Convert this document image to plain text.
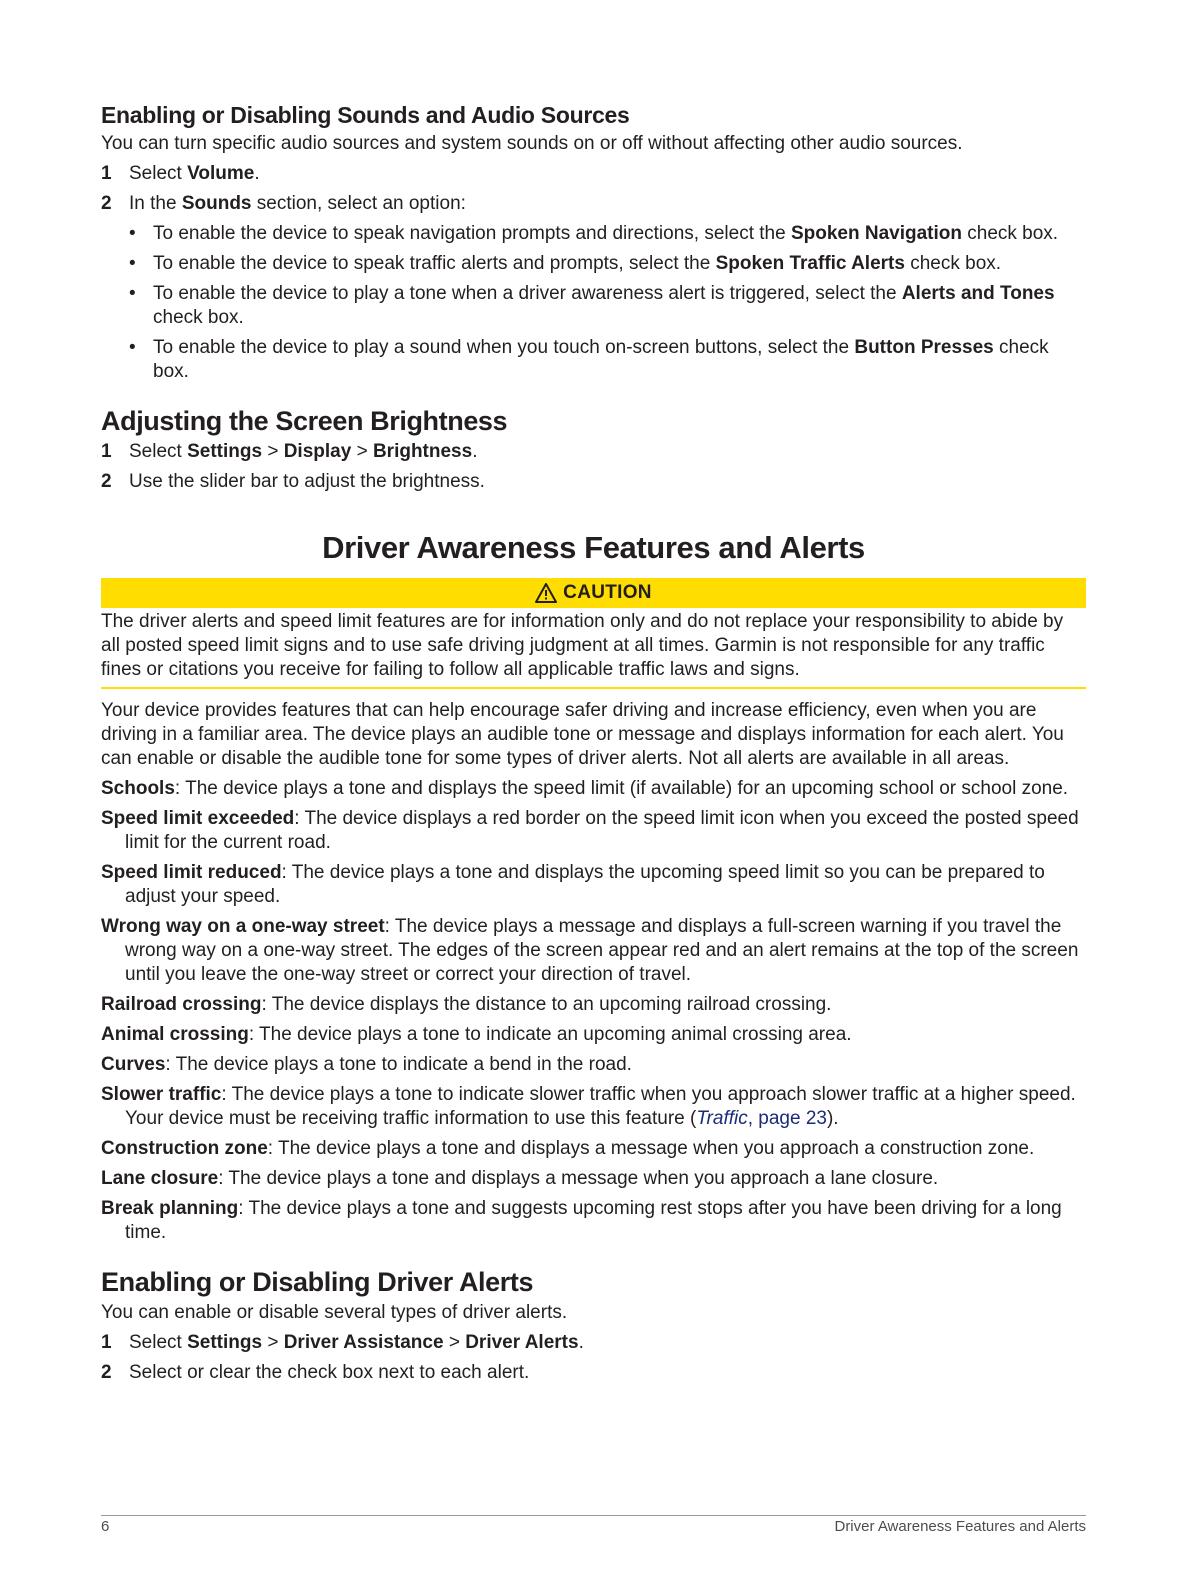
Enabling or Disabling Sounds and Audio Sources

You can turn specific audio sources and system sounds on or off without affecting other audio sources.

1 Select Volume.
2 In the Sounds section, select an option:
• To enable the device to speak navigation prompts and directions, select the Spoken Navigation check box.
• To enable the device to speak traffic alerts and prompts, select the Spoken Traffic Alerts check box.
• To enable the device to play a tone when a driver awareness alert is triggered, select the Alerts and Tones check box.
• To enable the device to play a sound when you touch on-screen buttons, select the Button Presses check box.
Adjusting the Screen Brightness
1 Select Settings > Display > Brightness.
2 Use the slider bar to adjust the brightness.
Driver Awareness Features and Alerts
CAUTION
The driver alerts and speed limit features are for information only and do not replace your responsibility to abide by all posted speed limit signs and to use safe driving judgment at all times. Garmin is not responsible for any traffic fines or citations you receive for failing to follow all applicable traffic laws and signs.

Your device provides features that can help encourage safer driving and increase efficiency, even when you are driving in a familiar area. The device plays an audible tone or message and displays information for each alert. You can enable or disable the audible tone for some types of driver alerts. Not all alerts are available in all areas.

Schools: The device plays a tone and displays the speed limit (if available) for an upcoming school or school zone.
Speed limit exceeded: The device displays a red border on the speed limit icon when you exceed the posted speed limit for the current road.
Speed limit reduced: The device plays a tone and displays the upcoming speed limit so you can be prepared to adjust your speed.
Wrong way on a one-way street: The device plays a message and displays a full-screen warning if you travel the wrong way on a one-way street. The edges of the screen appear red and an alert remains at the top of the screen until you leave the one-way street or correct your direction of travel.
Railroad crossing: The device displays the distance to an upcoming railroad crossing.
Animal crossing: The device plays a tone to indicate an upcoming animal crossing area.
Curves: The device plays a tone to indicate a bend in the road.
Slower traffic: The device plays a tone to indicate slower traffic when you approach slower traffic at a higher speed. Your device must be receiving traffic information to use this feature (Traffic, page 23).
Construction zone: The device plays a tone and displays a message when you approach a construction zone.
Lane closure: The device plays a tone and displays a message when you approach a lane closure.
Break planning: The device plays a tone and suggests upcoming rest stops after you have been driving for a long time.
Enabling or Disabling Driver Alerts

You can enable or disable several types of driver alerts.

1 Select Settings > Driver Assistance > Driver Alerts.
2 Select or clear the check box next to each alert.
6	Driver Awareness Features and Alerts
